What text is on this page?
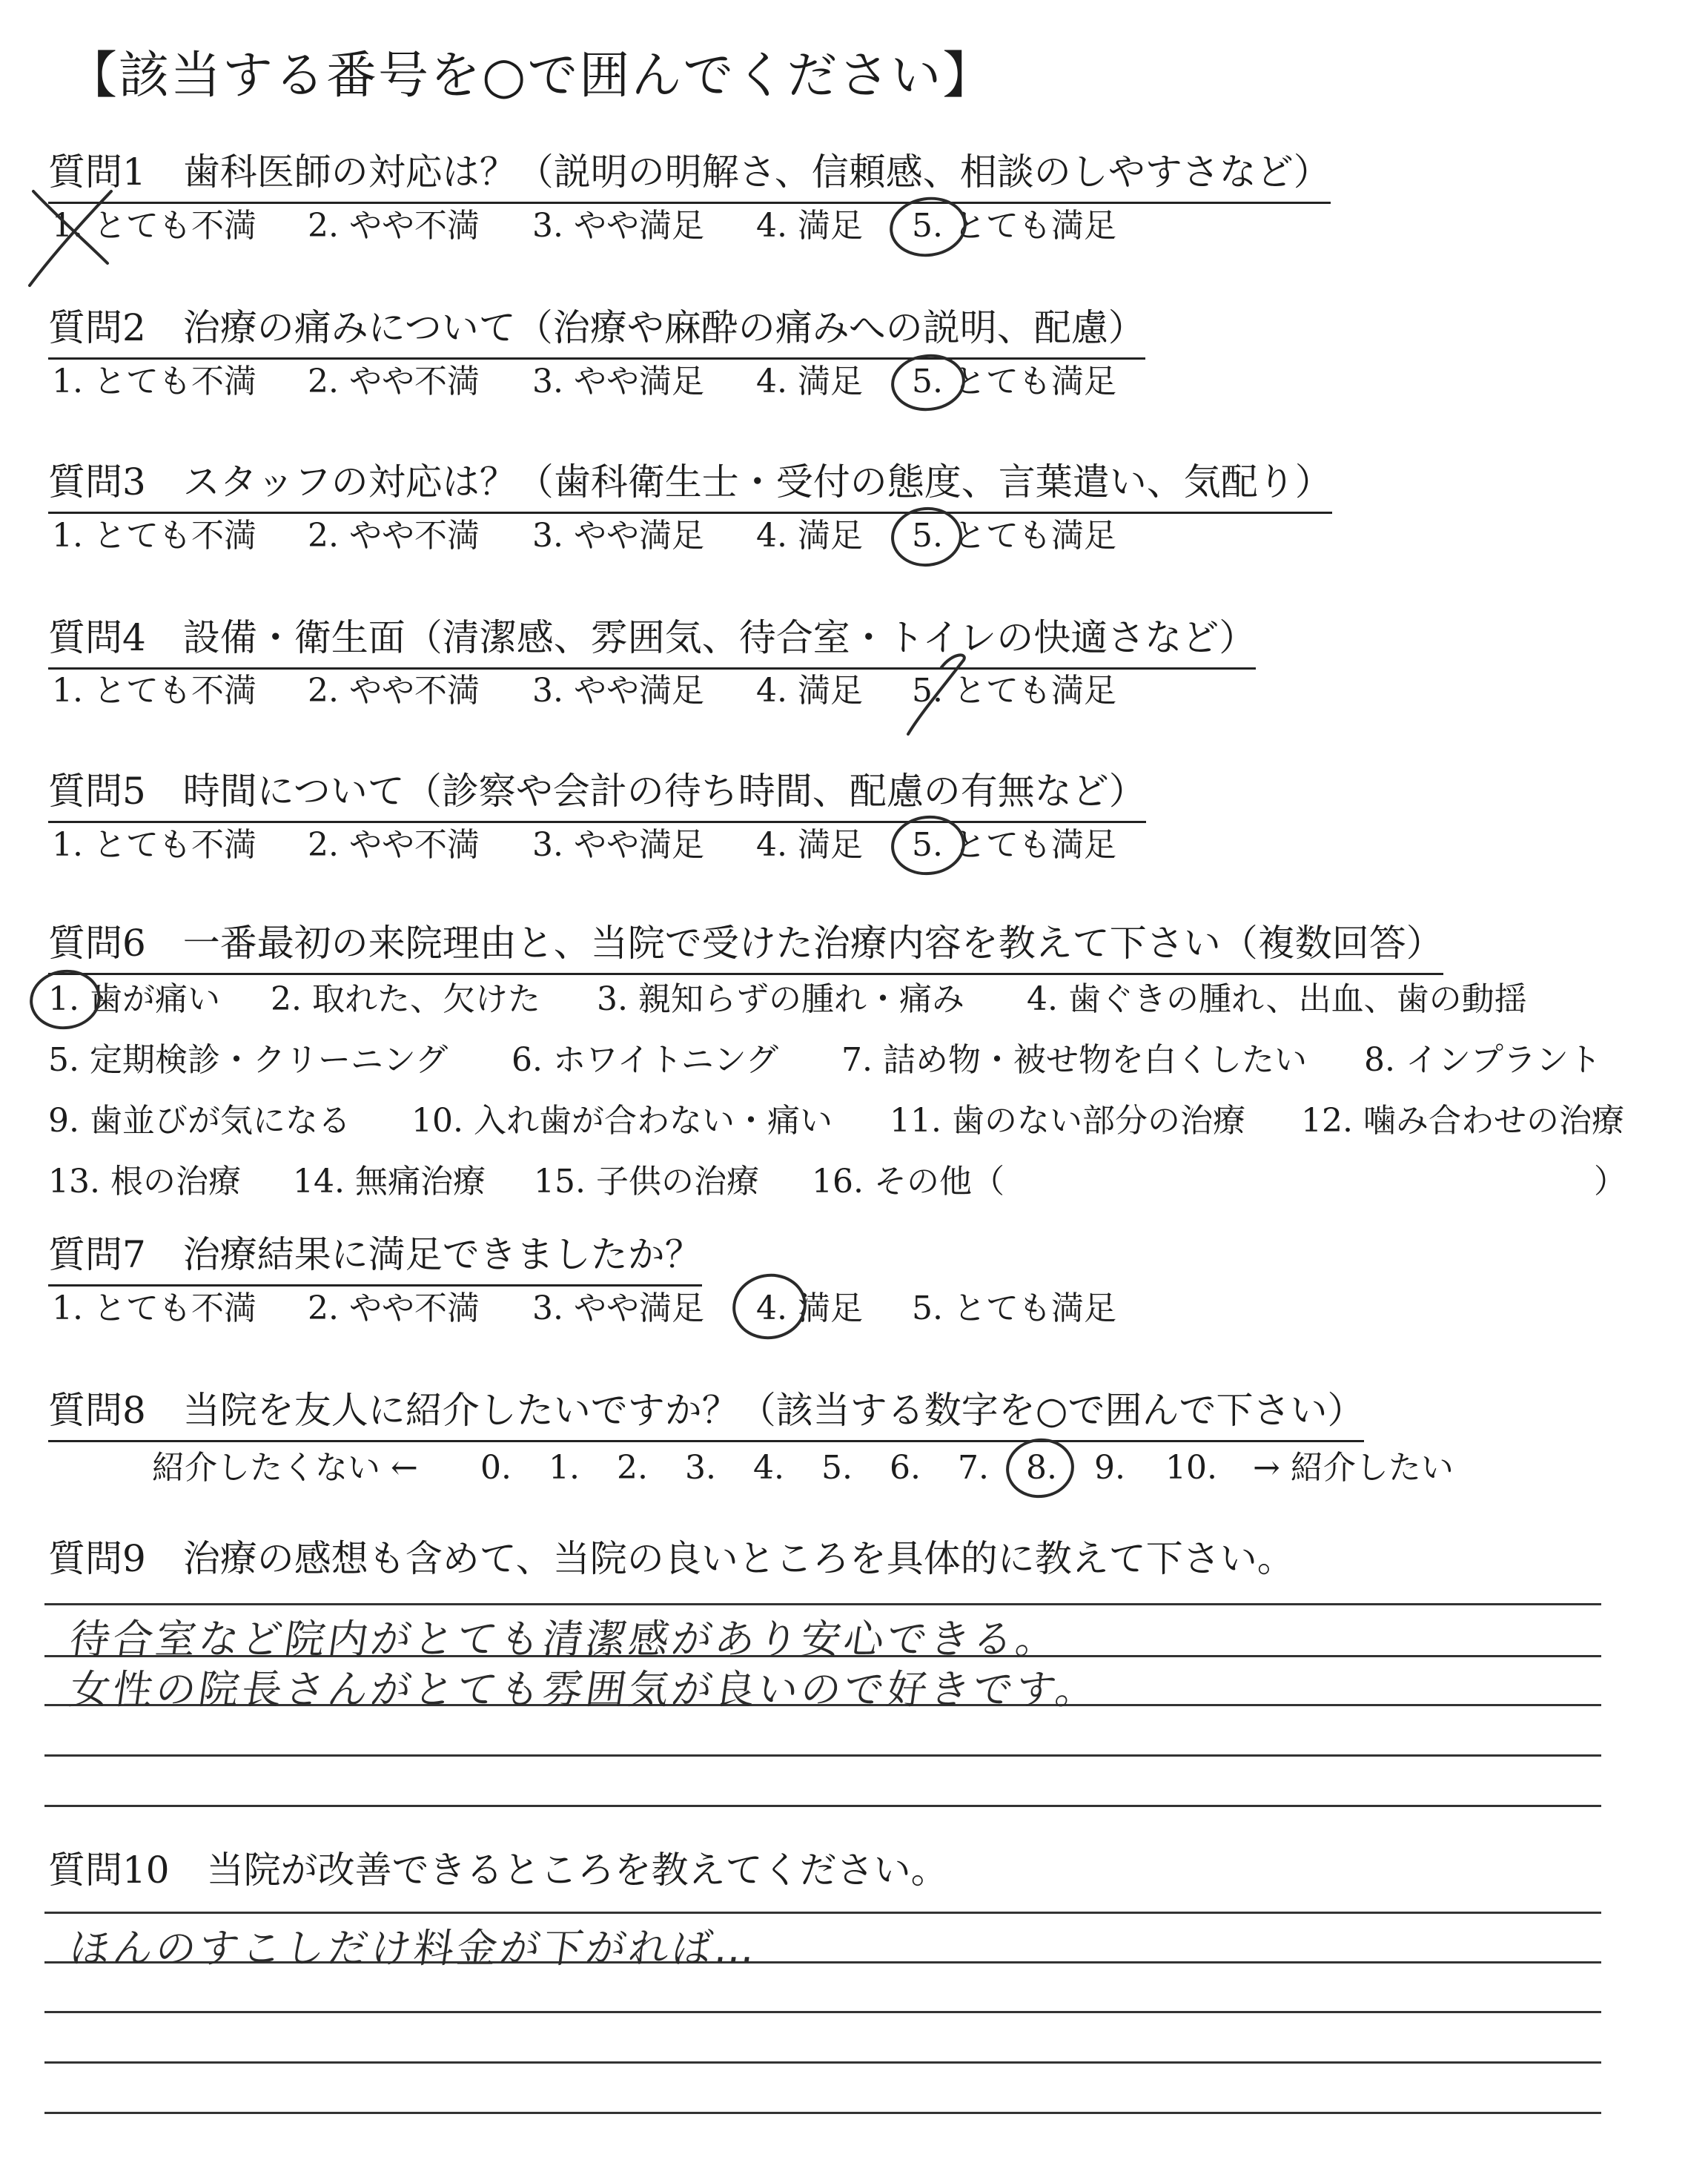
【該当する番号を○で囲んでください】
質問1　歯科医師の対応は？（説明の明解さ、信頼感、相談のしやすさなど）
1. とても不満 2. やや不満 3. やや満足 4. 満足 5. とても満足
質問2　治療の痛みについて（治療や麻酔の痛みへの説明、配慮）
1. とても不満 2. やや不満 3. やや満足 4. 満足 5. とても満足
質問3　スタッフの対応は？（歯科衛生士・受付の態度、言葉遣い、気配り）
1. とても不満 2. やや不満 3. やや満足 4. 満足 5. とても満足
質問4　設備・衛生面（清潔感、雰囲気、待合室・トイレの快適さなど）
1. とても不満 2. やや不満 3. やや満足 4. 満足 5. とても満足
質問5　時間について（診察や会計の待ち時間、配慮の有無など）
1. とても不満 2. やや不満 3. やや満足 4. 満足 5. とても満足
質問6　一番最初の来院理由と、当院で受けた治療内容を教えて下さい（複数回答）
1. 歯が痛い 2. 取れた、欠けた 3. 親知らずの腫れ・痛み 4. 歯ぐきの腫れ、出血、歯の動揺
5. 定期検診・クリーニング 6. ホワイトニング 7. 詰め物・被せ物を白くしたい 8. インプラント
9. 歯並びが気になる 10. 入れ歯が合わない・痛い 11. 歯のない部分の治療 12. 噛み合わせの治療
13. 根の治療 14. 無痛治療 15. 子供の治療 16. その他（	）
質問7　治療結果に満足できましたか？
1. とても不満 2. やや不満 3. やや満足 4. 満足 5. とても満足
質問8　当院を友人に紹介したいですか？（該当する数字を○で囲んで下さい）
紹介したくない ← 0. 1. 2. 3. 4. 5. 6. 7. 8. 9. 10. → 紹介したい
質問9　治療の感想も含めて、当院の良いところを具体的に教えて下さい。
待合室など院内がとても清潔感があり安心できる。
女性の院長さんがとても雰囲気が良いので好きです。
質問10　当院が改善できるところを教えてください。
ほんのすこしだけ料金が下がれば…
